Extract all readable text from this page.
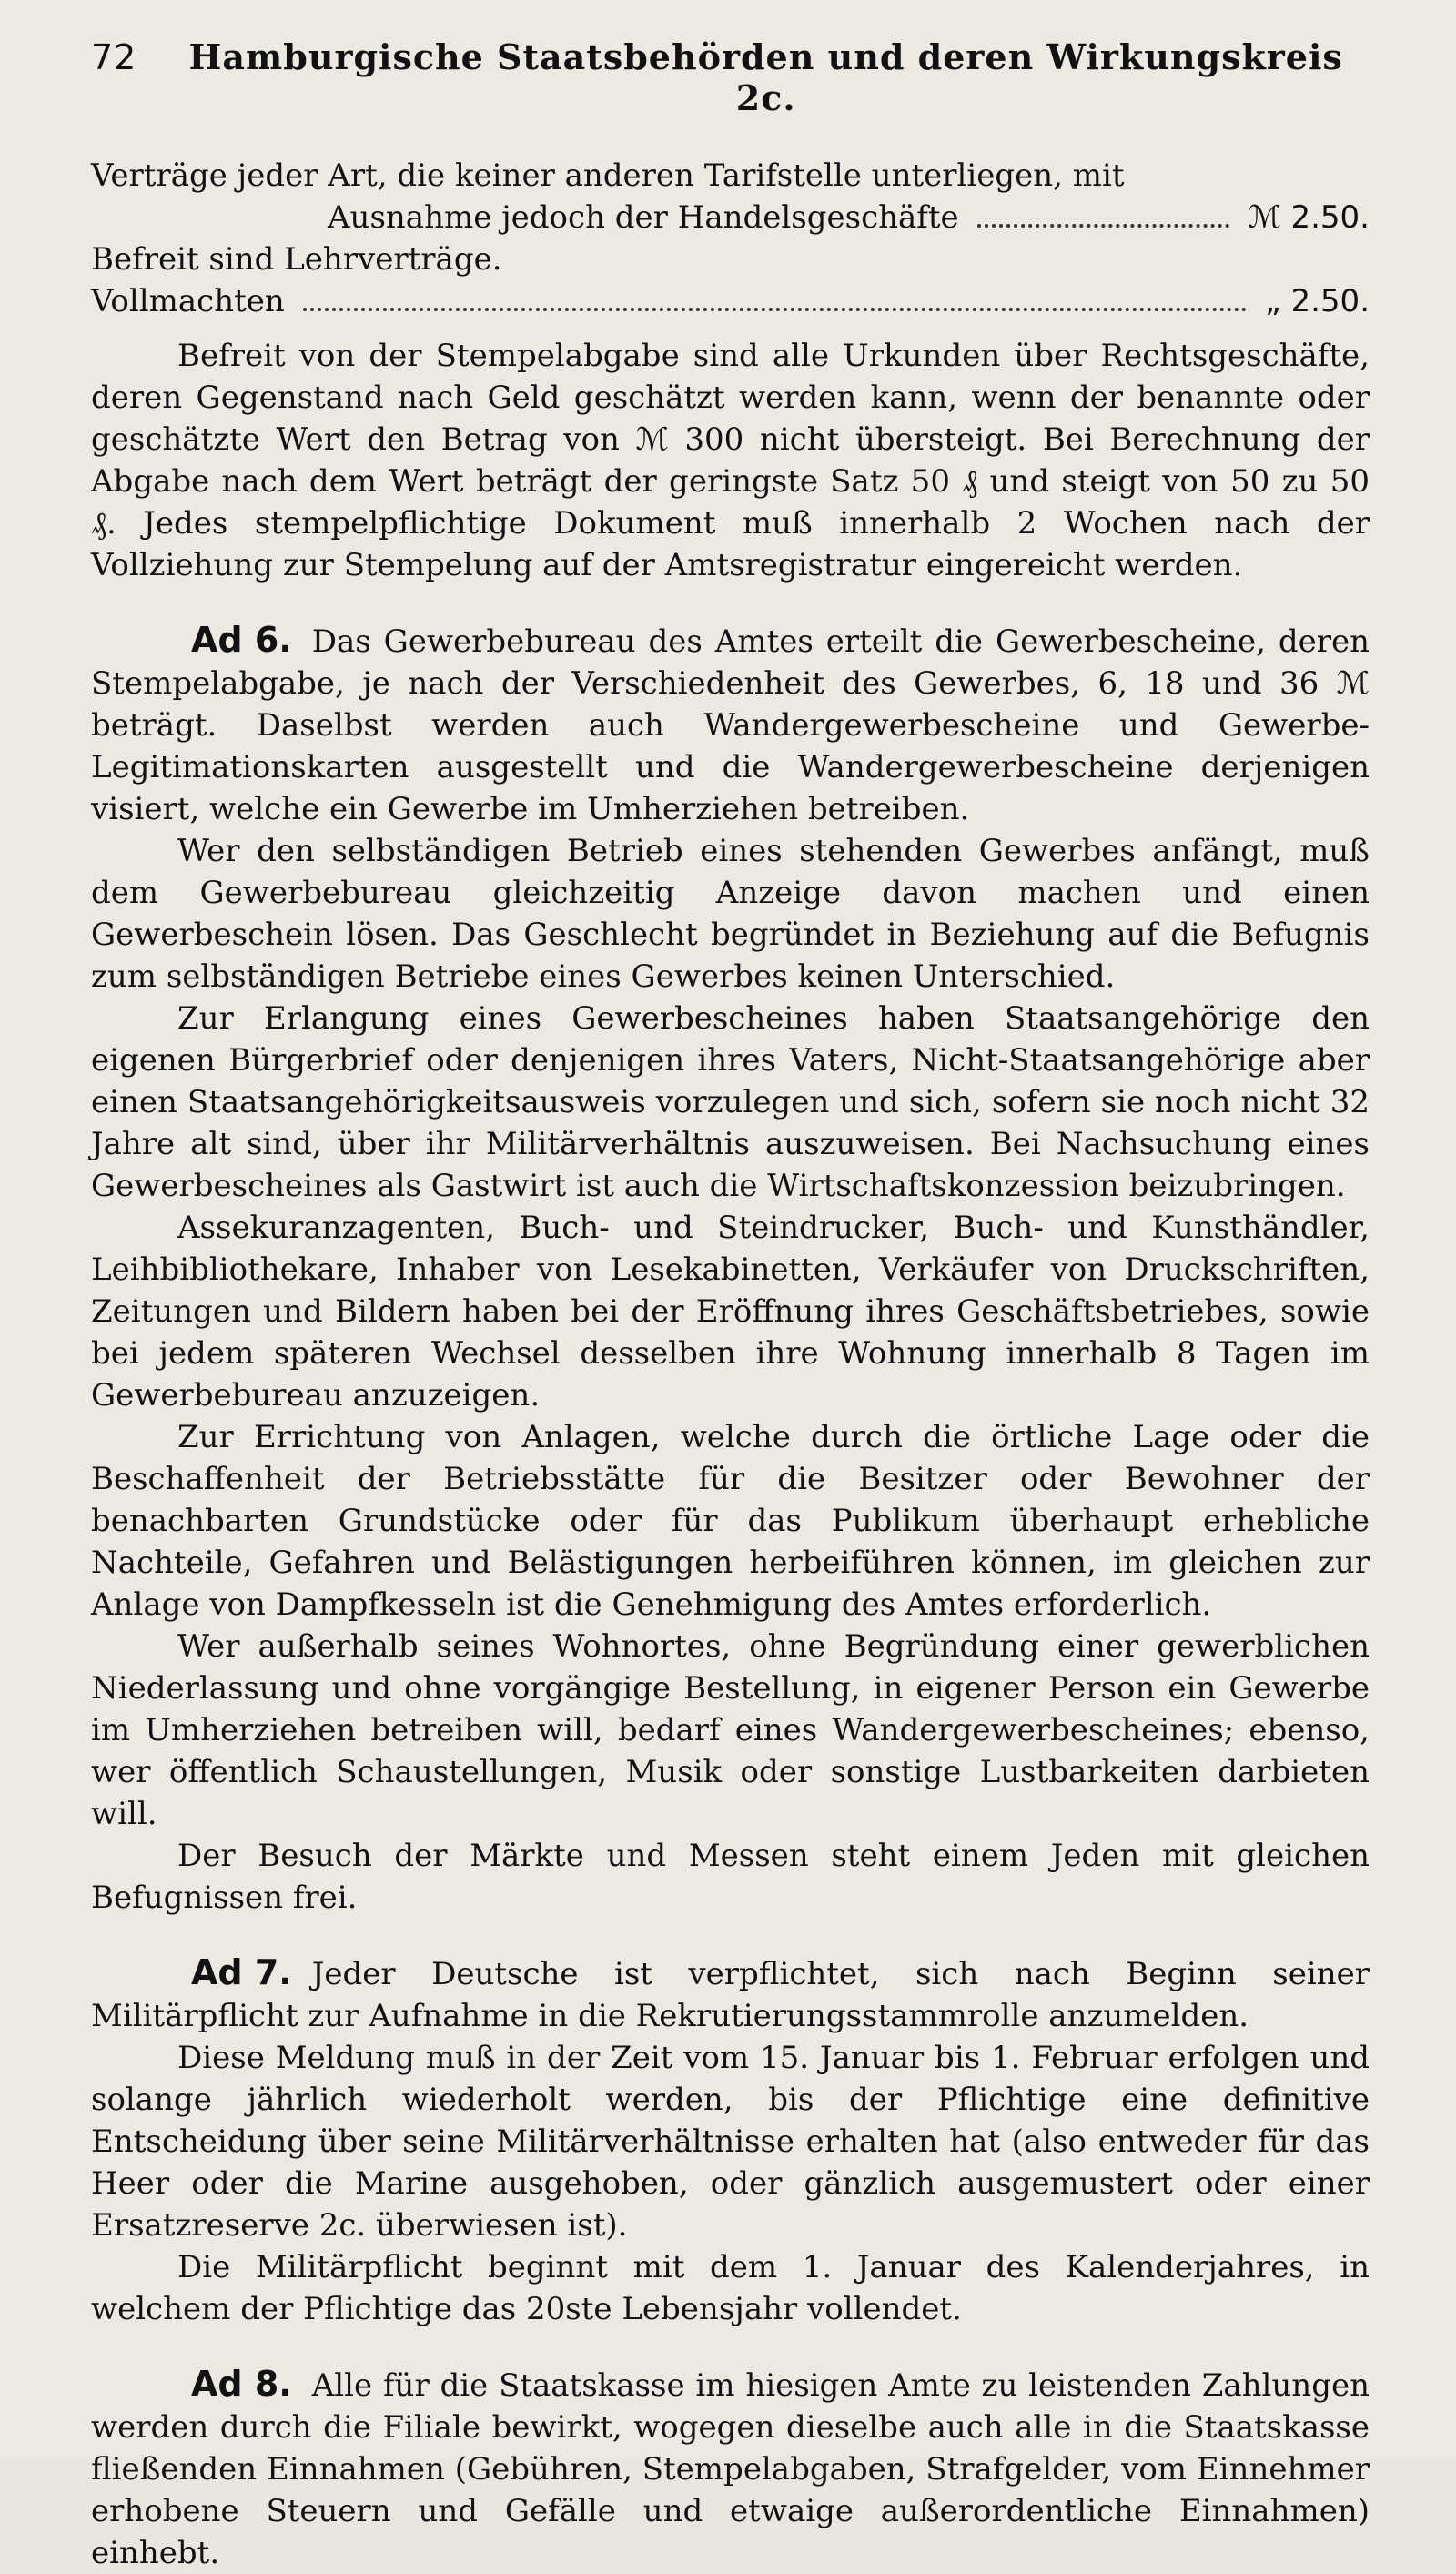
72	Hamburgische Staatsbehörden und deren Wirkungskreis 2c.
Verträge jeder Art, die keiner anderen Tarifstelle unterliegen, mit
Ausnahme jedoch der Handelsgeschäfte	ℳ 2.50.
Befreit sind Lehrverträge.
Vollmachten	„ 2.50.

Befreit von der Stempelabgabe sind alle Urkunden über Rechtsgeschäfte, deren Gegenstand nach Geld geschätzt werden kann, wenn der benannte oder geschätzte Wert den Betrag von ℳ 300 nicht übersteigt. Bei Berechnung der Abgabe nach dem Wert beträgt der geringste Satz 50 ₰ und steigt von 50 zu 50 ₰. Jedes stempelpflichtige Dokument muß innerhalb 2 Wochen nach der Vollziehung zur Stempelung auf der Amtsregistratur eingereicht werden.

Ad 6. Das Gewerbebureau des Amtes erteilt die Gewerbescheine, deren Stempelabgabe, je nach der Verschiedenheit des Gewerbes, 6, 18 und 36 ℳ beträgt. Daselbst werden auch Wandergewerbescheine und Gewerbe-Legitimationskarten ausgestellt und die Wandergewerbescheine derjenigen visiert, welche ein Gewerbe im Umherziehen betreiben.

Wer den selbständigen Betrieb eines stehenden Gewerbes anfängt, muß dem Gewerbebureau gleichzeitig Anzeige davon machen und einen Gewerbeschein lösen. Das Geschlecht begründet in Beziehung auf die Befugnis zum selbständigen Betriebe eines Gewerbes keinen Unterschied.

Zur Erlangung eines Gewerbescheines haben Staatsangehörige den eigenen Bürgerbrief oder denjenigen ihres Vaters, Nicht-Staatsangehörige aber einen Staatsangehörigkeitsausweis vorzulegen und sich, sofern sie noch nicht 32 Jahre alt sind, über ihr Militärverhältnis auszuweisen. Bei Nachsuchung eines Gewerbescheines als Gastwirt ist auch die Wirtschaftskonzession beizubringen.

Assekuranzagenten, Buch- und Steindrucker, Buch- und Kunsthändler, Leihbibliothekare, Inhaber von Lesekabinetten, Verkäufer von Druckschriften, Zeitungen und Bildern haben bei der Eröffnung ihres Geschäftsbetriebes, sowie bei jedem späteren Wechsel desselben ihre Wohnung innerhalb 8 Tagen im Gewerbebureau anzuzeigen.

Zur Errichtung von Anlagen, welche durch die örtliche Lage oder die Beschaffenheit der Betriebsstätte für die Besitzer oder Bewohner der benachbarten Grundstücke oder für das Publikum überhaupt erhebliche Nachteile, Gefahren und Belästigungen herbeiführen können, im gleichen zur Anlage von Dampfkesseln ist die Genehmigung des Amtes erforderlich.

Wer außerhalb seines Wohnortes, ohne Begründung einer gewerblichen Niederlassung und ohne vorgängige Bestellung, in eigener Person ein Gewerbe im Umherziehen betreiben will, bedarf eines Wandergewerbescheines; ebenso, wer öffentlich Schaustellungen, Musik oder sonstige Lustbarkeiten darbieten will.

Der Besuch der Märkte und Messen steht einem Jeden mit gleichen Befugnissen frei.

Ad 7. Jeder Deutsche ist verpflichtet, sich nach Beginn seiner Militärpflicht zur Aufnahme in die Rekrutierungsstammrolle anzumelden.

Diese Meldung muß in der Zeit vom 15. Januar bis 1. Februar erfolgen und solange jährlich wiederholt werden, bis der Pflichtige eine definitive Entscheidung über seine Militärverhältnisse erhalten hat (also entweder für das Heer oder die Marine ausgehoben, oder gänzlich ausgemustert oder einer Ersatzreserve 2c. überwiesen ist).

Die Militärpflicht beginnt mit dem 1. Januar des Kalenderjahres, in welchem der Pflichtige das 20ste Lebensjahr vollendet.

Ad 8. Alle für die Staatskasse im hiesigen Amte zu leistenden Zahlungen werden durch die Filiale bewirkt, wogegen dieselbe auch alle in die Staatskasse fließenden Einnahmen (Gebühren, Stempelabgaben, Strafgelder, vom Einnehmer erhobene Steuern und Gefälle und etwaige außerordentliche Einnahmen) einhebt.
